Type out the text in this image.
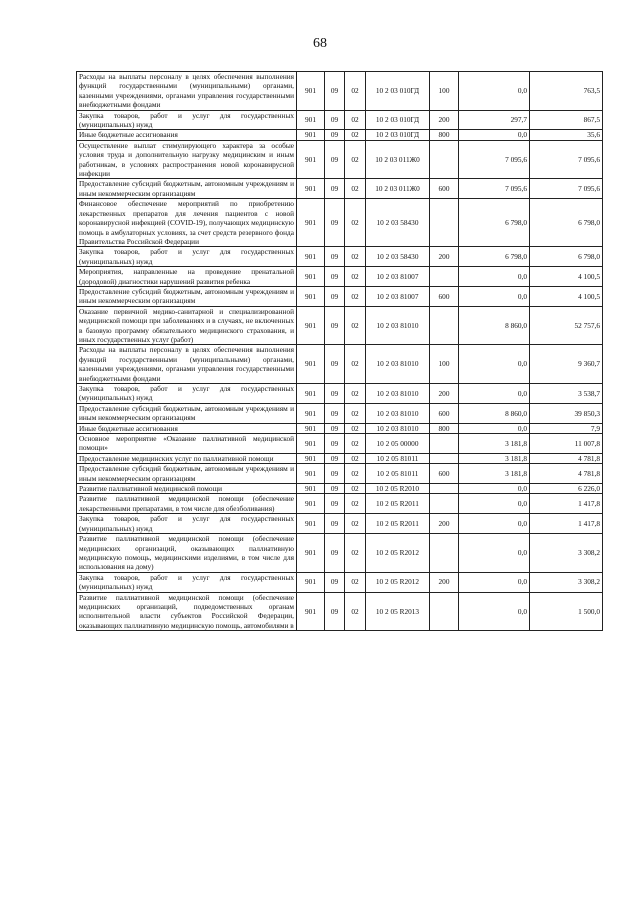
68
Расходы на выплаты персоналу в целях обеспечения выполнения функций государственными (муниципальными) органами, казенными учреждениями, органами управления государственными внебюджетными фондами	901	09	02	10 2 03 010ГД	100	0,0	763,5
Закупка товаров, работ и услуг для государственных (муниципальных) нужд	901	09	02	10 2 03 010ГД	200	297,7	867,5
Иные бюджетные ассигнования	901	09	02	10 2 03 010ГД	800	0,0	35,6
Осуществление выплат стимулирующего характера за особые условия труда и дополнительную нагрузку медицинским и иным работникам, в условиях распространения новой коронавирусной инфекции	901	09	02	10 2 03 011Ж0		7 095,6	7 095,6
Предоставление субсидий бюджетным, автономным учреждениям и иным некоммерческим организациям	901	09	02	10 2 03 011Ж0	600	7 095,6	7 095,6
Финансовое обеспечение мероприятий по приобретению лекарственных препаратов для лечения пациентов с новой коронавирусной инфекцией (COVID-19), получающих медицинскую помощь в амбулаторных условиях, за счет средств резервного фонда Правительства Российской Федерации	901	09	02	10 2 03 58430		6 798,0	6 798,0
Закупка товаров, работ и услуг для государственных (муниципальных) нужд	901	09	02	10 2 03 58430	200	6 798,0	6 798,0
Мероприятия, направленные на проведение пренатальной (дородовой) диагностики нарушений развития ребенка	901	09	02	10 2 03 81007		0,0	4 100,5
Предоставление субсидий бюджетным, автономным учреждениям и иным некоммерческим организациям	901	09	02	10 2 03 81007	600	0,0	4 100,5
Оказание первичной медико-санитарной и специализированной медицинской помощи при заболеваниях и в случаях, не включенных в базовую программу обязательного медицинского страхования, и иных государственных услуг (работ)	901	09	02	10 2 03 81010		8 860,0	52 757,6
Расходы на выплаты персоналу в целях обеспечения выполнения функций государственными (муниципальными) органами, казенными учреждениями, органами управления государственными внебюджетными фондами	901	09	02	10 2 03 81010	100	0,0	9 360,7
Закупка товаров, работ и услуг для государственных (муниципальных) нужд	901	09	02	10 2 03 81010	200	0,0	3 538,7
Предоставление субсидий бюджетным, автономным учреждениям и иным некоммерческим организациям	901	09	02	10 2 03 81010	600	8 860,0	39 850,3
Иные бюджетные ассигнования	901	09	02	10 2 03 81010	800	0,0	7,9
Основное мероприятие «Оказание паллиативной медицинской помощи»	901	09	02	10 2 05 00000		3 181,8	11 007,8
Предоставление медицинских услуг по паллиативной помощи	901	09	02	10 2 05 81011		3 181,8	4 781,8
Предоставление субсидий бюджетным, автономным учреждениям и иным некоммерческим организациям	901	09	02	10 2 05 81011	600	3 181,8	4 781,8
Развитие паллиативной медицинской помощи	901	09	02	10 2 05 R2010		0,0	6 226,0
Развитие паллиативной медицинской помощи (обеспечение лекарственными препаратами, в том числе для обезболивания)	901	09	02	10 2 05 R2011		0,0	1 417,8
Закупка товаров, работ и услуг для государственных (муниципальных) нужд	901	09	02	10 2 05 R2011	200	0,0	1 417,8
Развитие паллиативной медицинской помощи (обеспечение медицинских организаций, оказывающих паллиативную медицинскую помощь, медицинскими изделиями, в том числе для использования на дому)	901	09	02	10 2 05 R2012		0,0	3 308,2
Закупка товаров, работ и услуг для государственных (муниципальных) нужд	901	09	02	10 2 05 R2012	200	0,0	3 308,2
Развитие паллиативной медицинской помощи (обеспечение медицинских организаций, подведомственных органам исполнительной власти субъектов Российской Федерации, оказывающих паллиативную медицинскую помощь, автомобилями в	901	09	02	10 2 05 R2013		0,0	1 500,0
